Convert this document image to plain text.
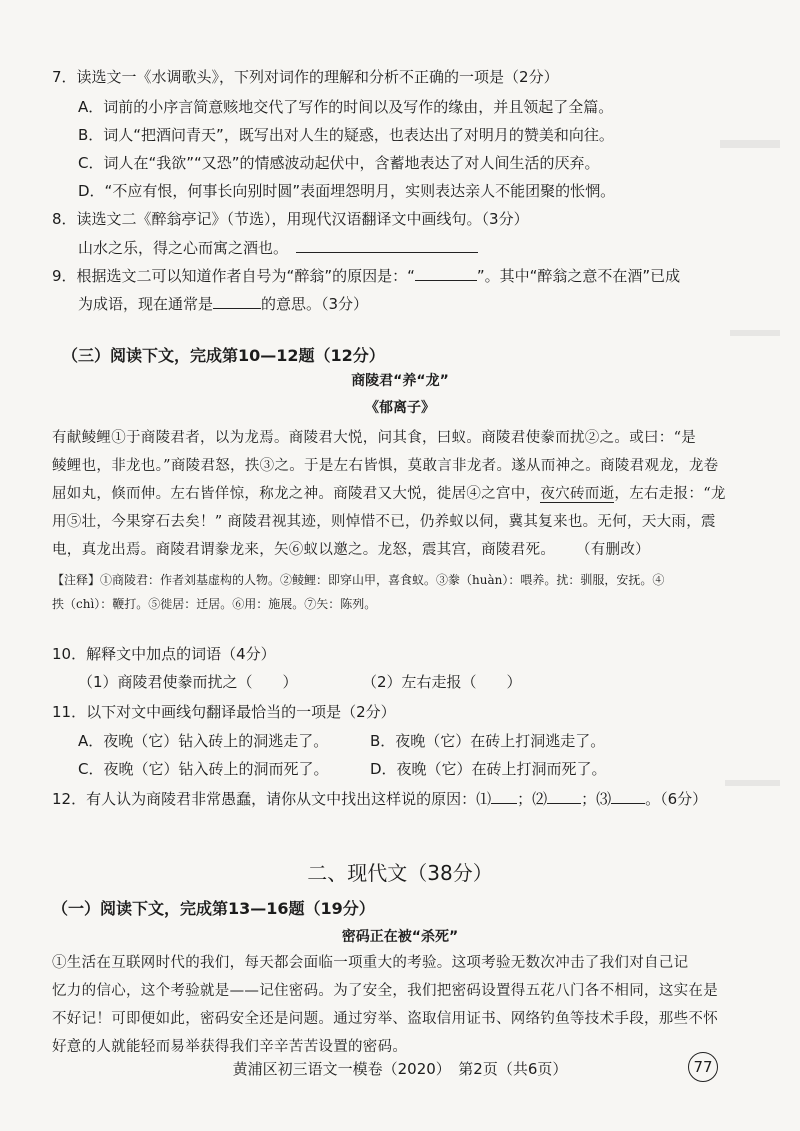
7．读选文一《水调歌头》，下列对词作的理解和分析不正确的一项是（2分）
A．词前的小序言简意赅地交代了写作的时间以及写作的缘由，并且领起了全篇。
B．词人“把酒问青天”，既写出对人生的疑惑，也表达出了对明月的赞美和向往。
C．词人在“我欲”“又恐”的情感波动起伏中，含蓄地表达了对人间生活的厌弃。
D．“不应有恨，何事长向别时圆”表面埋怨明月，实则表达亲人不能团聚的怅惘。
8．读选文二《醉翁亭记》（节选），用现代汉语翻译文中画线句。（3分）
山水之乐，得之心而寓之酒也。
9．根据选文二可以知道作者自号为“醉翁”的原因是：“	”。其中“醉翁之意不在酒”已成
为成语，现在通常是	的意思。（3分）
（三）阅读下文，完成第10—12题（12分）
商陵君“养“龙”
《郁离子》
有献鲮鲤①于商陵君者，以为龙焉。商陵君大悦，问其食，曰蚁。商陵君使豢而扰②之。或曰：“是
鲮鲤也，非龙也。”商陵君怒，抶③之。于是左右皆惧，莫敢言非龙者。遂从而神之。商陵君观龙，龙卷
屈如丸，倏而伸。左右皆佯惊，称龙之神。商陵君又大悦，徙居④之宫中，夜穴砖而逝，左右走报：“龙
用⑤壮，今果穿石去矣！” 商陵君视其迹，则悼惜不已，仍养蚁以伺，冀其复来也。无何，天大雨，震
电，真龙出焉。商陵君谓豢龙来，矢⑥蚁以邀之。龙怒，震其宫，商陵君死。 （有删改）
【注释】①商陵君：作者刘基虚构的人物。②鲮鲤：即穿山甲，喜食蚁。③豢（huàn）：喂养。扰：驯服，安抚。④
抶（chì）：鞭打。⑤徙居：迁居。⑥用：施展。⑦矢：陈列。
10．解释文中加点的词语（4分）
（1）商陵君使豢而扰之（　　）	（2）左右走报（　　）
11．以下对文中画线句翻译最恰当的一项是（2分）
A．夜晚（它）钻入砖上的洞逃走了。	B．夜晚（它）在砖上打洞逃走了。
C．夜晚（它）钻入砖上的洞而死了。	D．夜晚（它）在砖上打洞而死了。
12．有人认为商陵君非常愚蠢，请你从文中找出这样说的原因：⑴ ；⑵ ；⑶ 。（6分）
二、现代文（38分）
（一）阅读下文，完成第13—16题（19分）
密码正在被“杀死”
①生活在互联网时代的我们，每天都会面临一项重大的考验。这项考验无数次冲击了我们对自己记
忆力的信心，这个考验就是——记住密码。为了安全，我们把密码设置得五花八门各不相同，这实在是
不好记！可即便如此，密码安全还是问题。通过穷举、盗取信用证书、网络钓鱼等技术手段，那些不怀
好意的人就能轻而易举获得我们辛辛苦苦设置的密码。
黄浦区初三语文一模卷（2020）　第2页（共6页）	77
